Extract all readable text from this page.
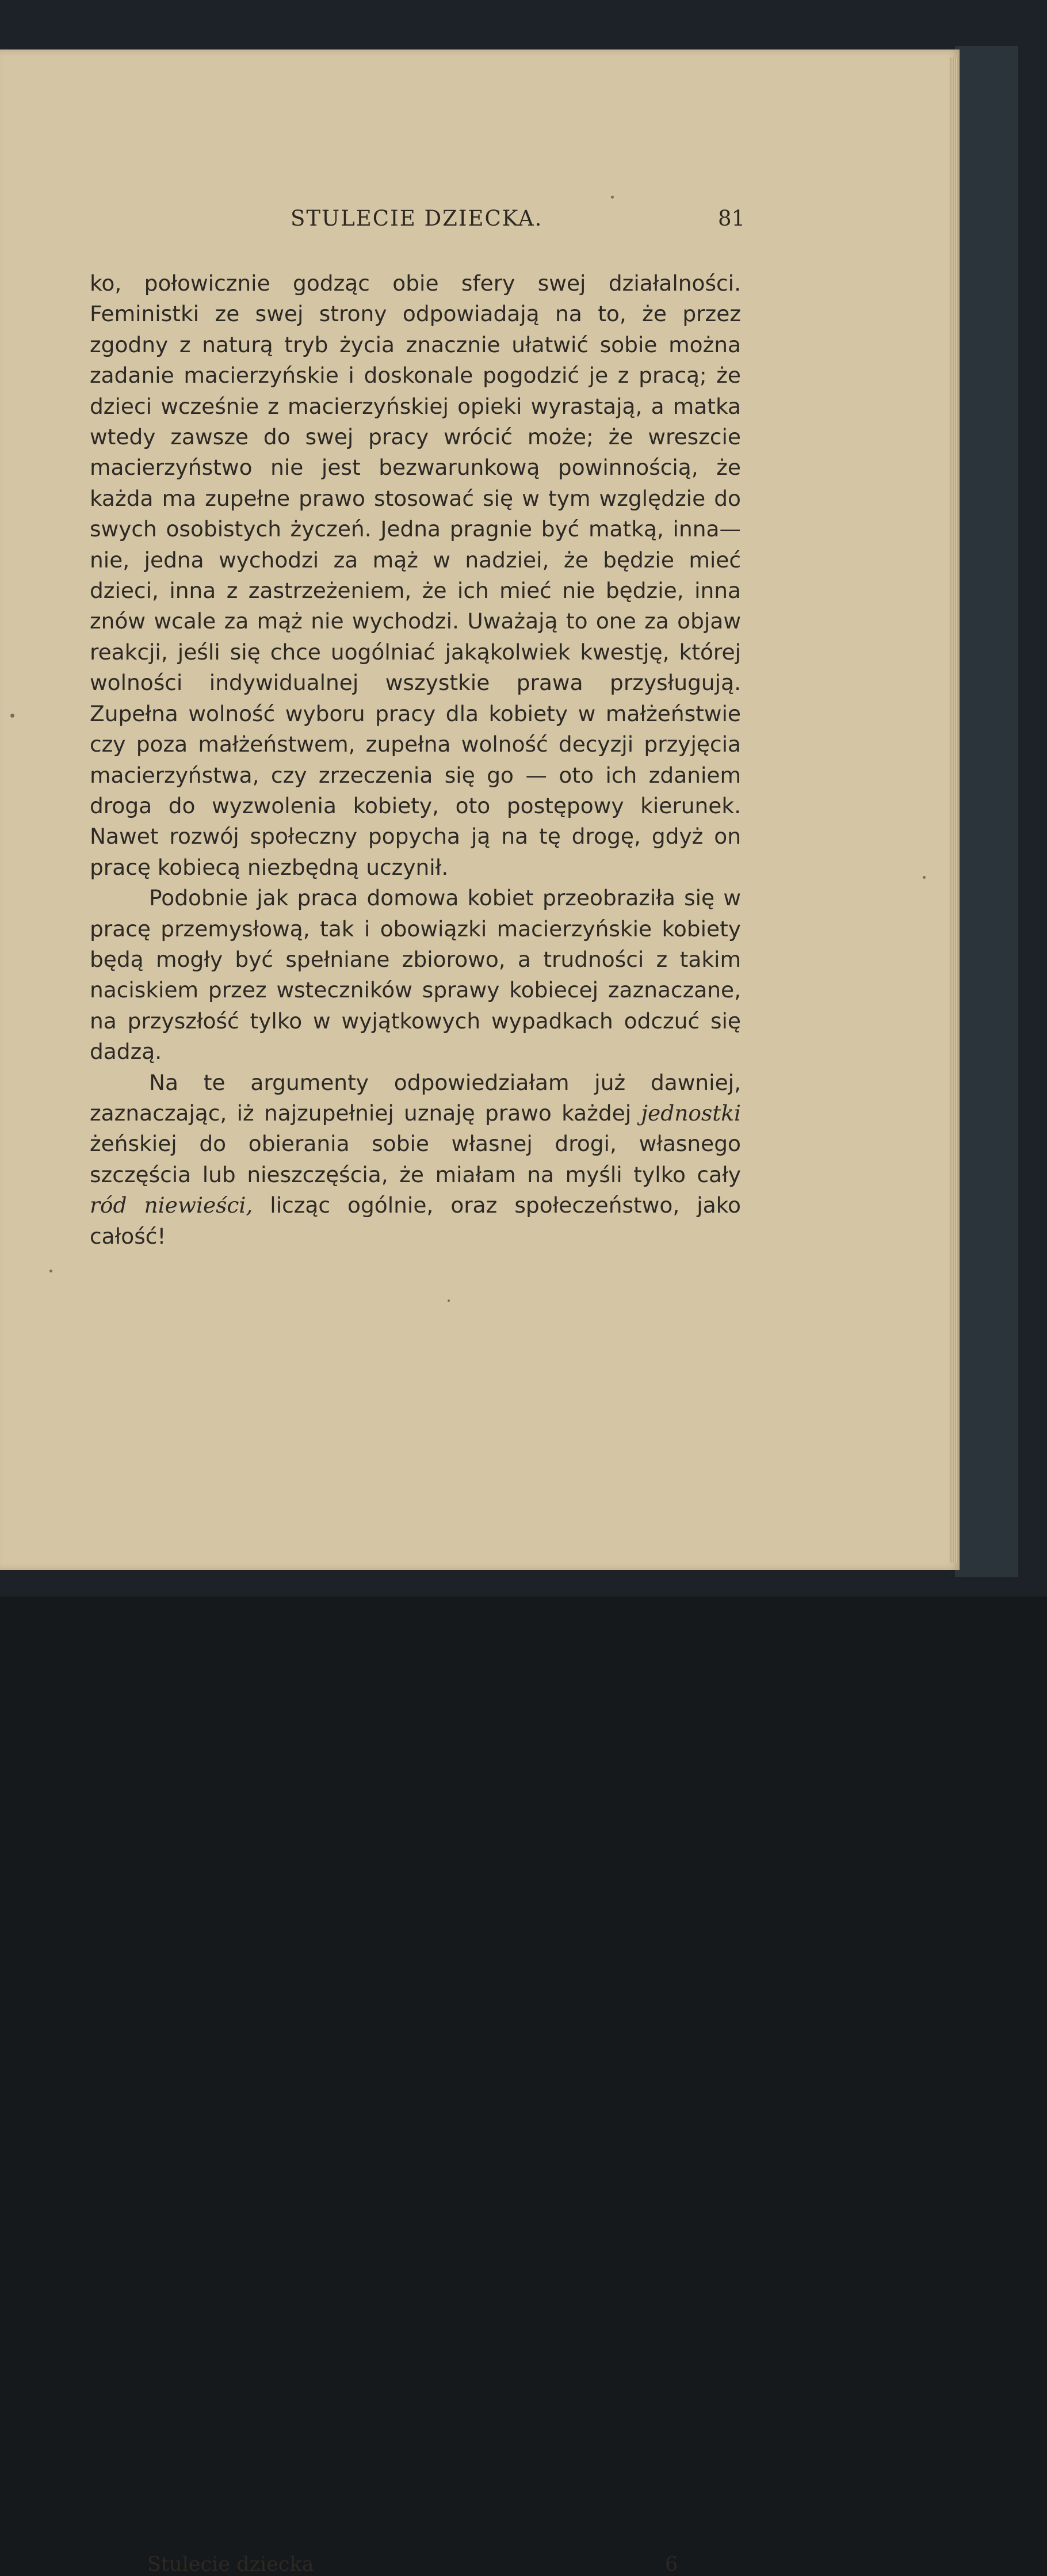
STULECIE DZIECKA.	81

ko, połowicznie godząc obie sfery swej działalności. Feministki ze swej strony odpowiadają na to, że przez zgodny z naturą tryb życia znacznie ułatwić sobie można zadanie macierzyńskie i doskonale pogodzić je z pracą; że dzieci wcześnie z macierzyńskiej opieki wyrastają, a matka wtedy zawsze do swej pracy wrócić może; że wreszcie macierzyństwo nie jest bezwarunkową powinnością, że każda ma zupełne prawo stosować się w tym względzie do swych osobistych życzeń. Jedna pragnie być matką, inna—nie, jedna wychodzi za mąż w nadziei, że będzie mieć dzieci, inna z zastrzeżeniem, że ich mieć nie będzie, inna znów wcale za mąż nie wychodzi. Uważają to one za objaw reakcji, jeśli się chce uogólniać jakąkolwiek kwestję, której wolności indywidualnej wszystkie prawa przysługują. Zupełna wolność wyboru pracy dla kobiety w małżeństwie czy poza małżeństwem, zupełna wolność decyzji przyjęcia macierzyństwa, czy zrzeczenia się go — oto ich zdaniem droga do wyzwolenia kobiety, oto postępowy kierunek. Nawet rozwój społeczny popycha ją na tę drogę, gdyż on pracę kobiecą niezbędną uczynił.

Podobnie jak praca domowa kobiet przeobraziła się w pracę przemysłową, tak i obowiązki macierzyńskie kobiety będą mogły być spełniane zbiorowo, a trudności z takim naciskiem przez wsteczników sprawy kobiecej zaznaczane, na przyszłość tylko w wyjątkowych wypadkach odczuć się dadzą.

Na te argumenty odpowiedziałam już dawniej, zaznaczając, iż najzupełniej uznaję prawo każdej jednostki żeńskiej do obierania sobie własnej drogi, własnego szczęścia lub nieszczęścia, że miałam na myśli tylko cały ród niewieści, licząc ogólnie, oraz społeczeństwo, jako całość!

Stulecie dziecka	6
